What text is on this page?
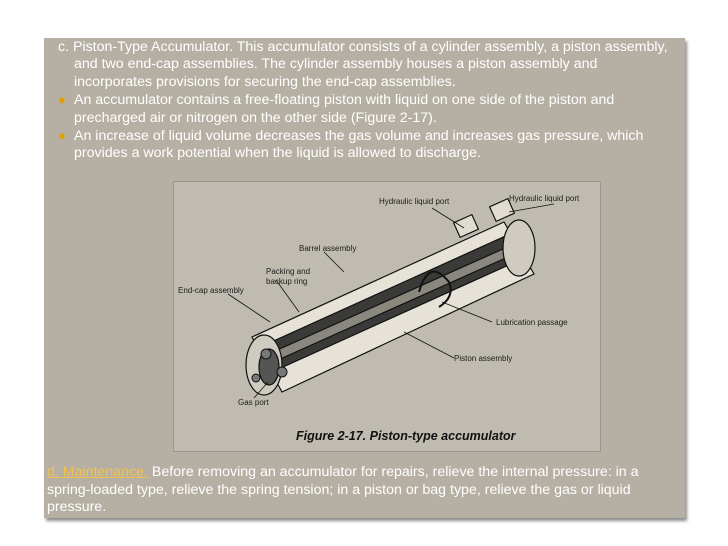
c. Piston-Type Accumulator. This accumulator consists of a cylinder assembly, a piston assembly, and two end-cap assemblies. The cylinder assembly houses a piston assembly and incorporates provisions for securing the end-cap assemblies.

● An accumulator contains a free-floating piston with liquid on one side of the piston and precharged air or nitrogen on the other side (Figure 2-17).

● An increase of liquid volume decreases the gas volume and increases gas pressure, which provides a work potential when the liquid is allowed to discharge.

Hydraulic liquid port	Hydraulic liquid port
Barrel assembly
Packing and
backup ring
End-cap assembly
Lubrication passage
Piston assembly
Gas port
Figure 2-17. Piston-type accumulator
d. Maintenance. Before removing an accumulator for repairs, relieve the internal pressure: in a spring-loaded type, relieve the spring tension; in a piston or bag type, relieve the gas or liquid pressure.
